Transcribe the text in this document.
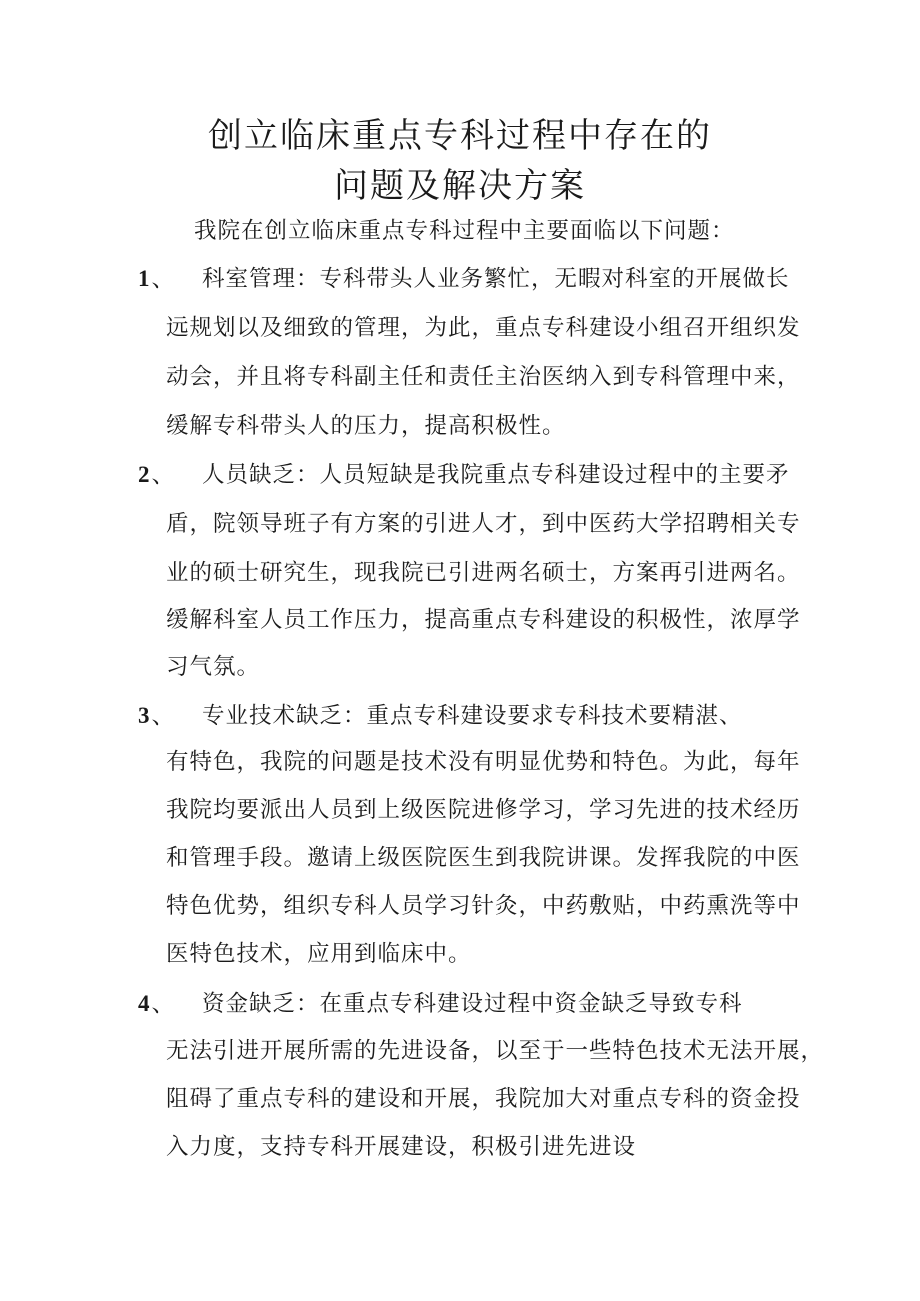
创立临床重点专科过程中存在的
问题及解决方案
我院在创立临床重点专科过程中主要面临以下问题：
1、 科室管理：专科带头人业务繁忙，无暇对科室的开展做长
远规划以及细致的管理，为此，重点专科建设小组召开组织发
动会，并且将专科副主任和责任主治医纳入到专科管理中来，
缓解专科带头人的压力，提高积极性。
2、 人员缺乏：人员短缺是我院重点专科建设过程中的主要矛
盾，院领导班子有方案的引进人才，到中医药大学招聘相关专
业的硕士研究生，现我院已引进两名硕士，方案再引进两名。
缓解科室人员工作压力，提高重点专科建设的积极性，浓厚学
习气氛。
3、 专业技术缺乏：重点专科建设要求专科技术要精湛、
有特色，我院的问题是技术没有明显优势和特色。为此，每年
我院均要派出人员到上级医院进修学习，学习先进的技术经历
和管理手段。邀请上级医院医生到我院讲课。发挥我院的中医
特色优势，组织专科人员学习针灸，中药敷贴，中药熏洗等中
医特色技术，应用到临床中。
4、 资金缺乏：在重点专科建设过程中资金缺乏导致专科
无法引进开展所需的先进设备，以至于一些特色技术无法开展，
阻碍了重点专科的建设和开展，我院加大对重点专科的资金投
入力度，支持专科开展建设，积极引进先进设
